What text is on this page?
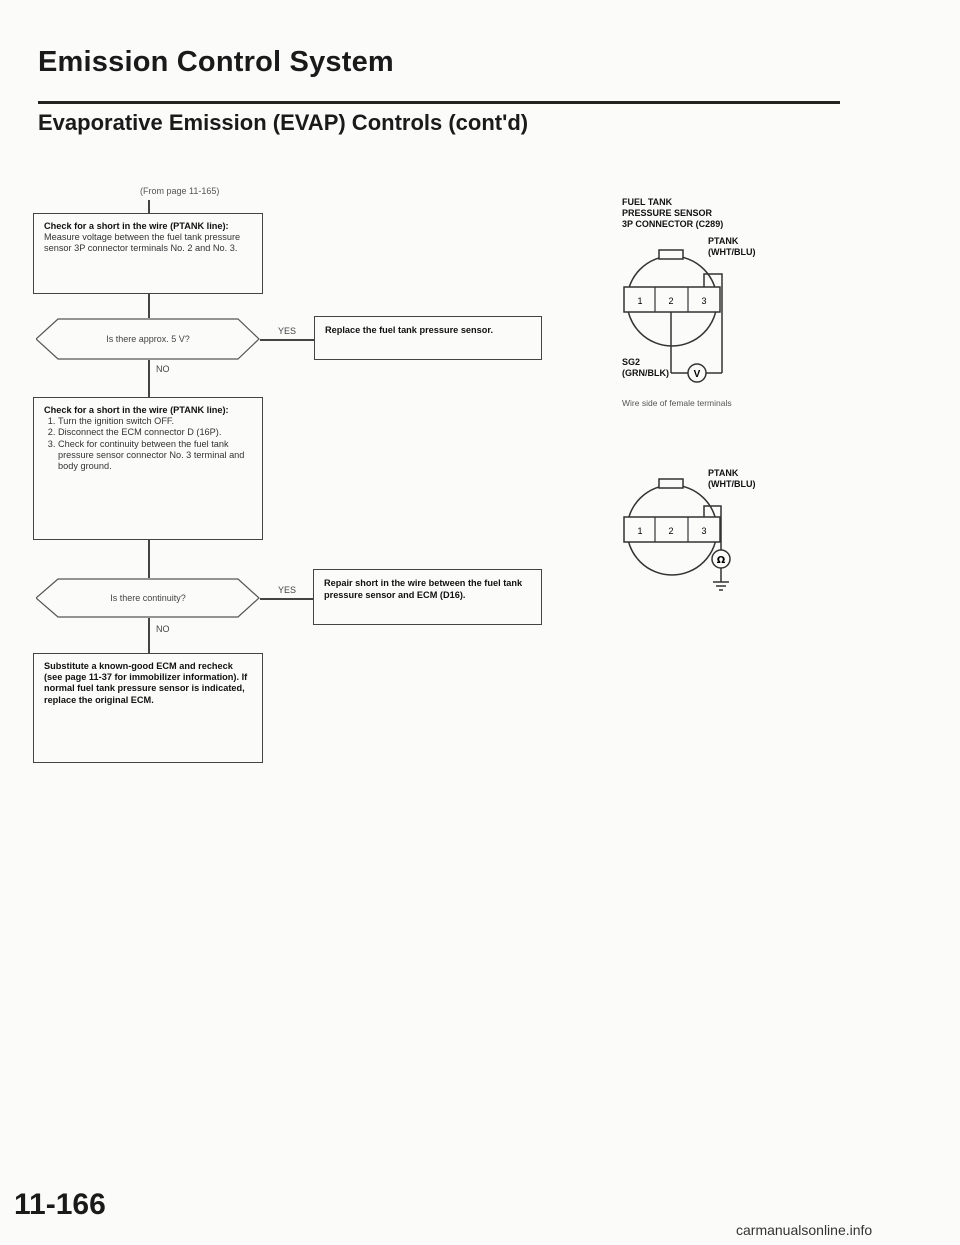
Emission Control System
Evaporative Emission (EVAP) Controls (cont'd)
(From page 11-165)
Check for a short in the wire (PTANK line):
Measure voltage between the fuel tank pressure sensor 3P connector terminals No. 2 and No. 3.
Is there approx. 5 V?
YES	Replace the fuel tank pressure sensor.
NO
Check for a short in the wire (PTANK line):
1. Turn the ignition switch OFF.
2. Disconnect the ECM connector D (16P).
3. Check for continuity between the fuel tank pressure sensor connector No. 3 terminal and body ground.
Is there continuity?
YES
Repair short in the wire between the fuel tank pressure sensor and ECM (D16).
NO
Substitute a known-good ECM and recheck (see page 11-37 for immobilizer information). If normal fuel tank pressure sensor is indicated, replace the original ECM.
FUEL TANK
PRESSURE SENSOR
3P CONNECTOR (C289)
PTANK
(WHT/BLU)
SG2
(GRN/BLK)
1	2	3
V
Wire side of female terminals
PTANK
(WHT/BLU)
1	2	3
Ω
11-166
carmanualsonline.info
